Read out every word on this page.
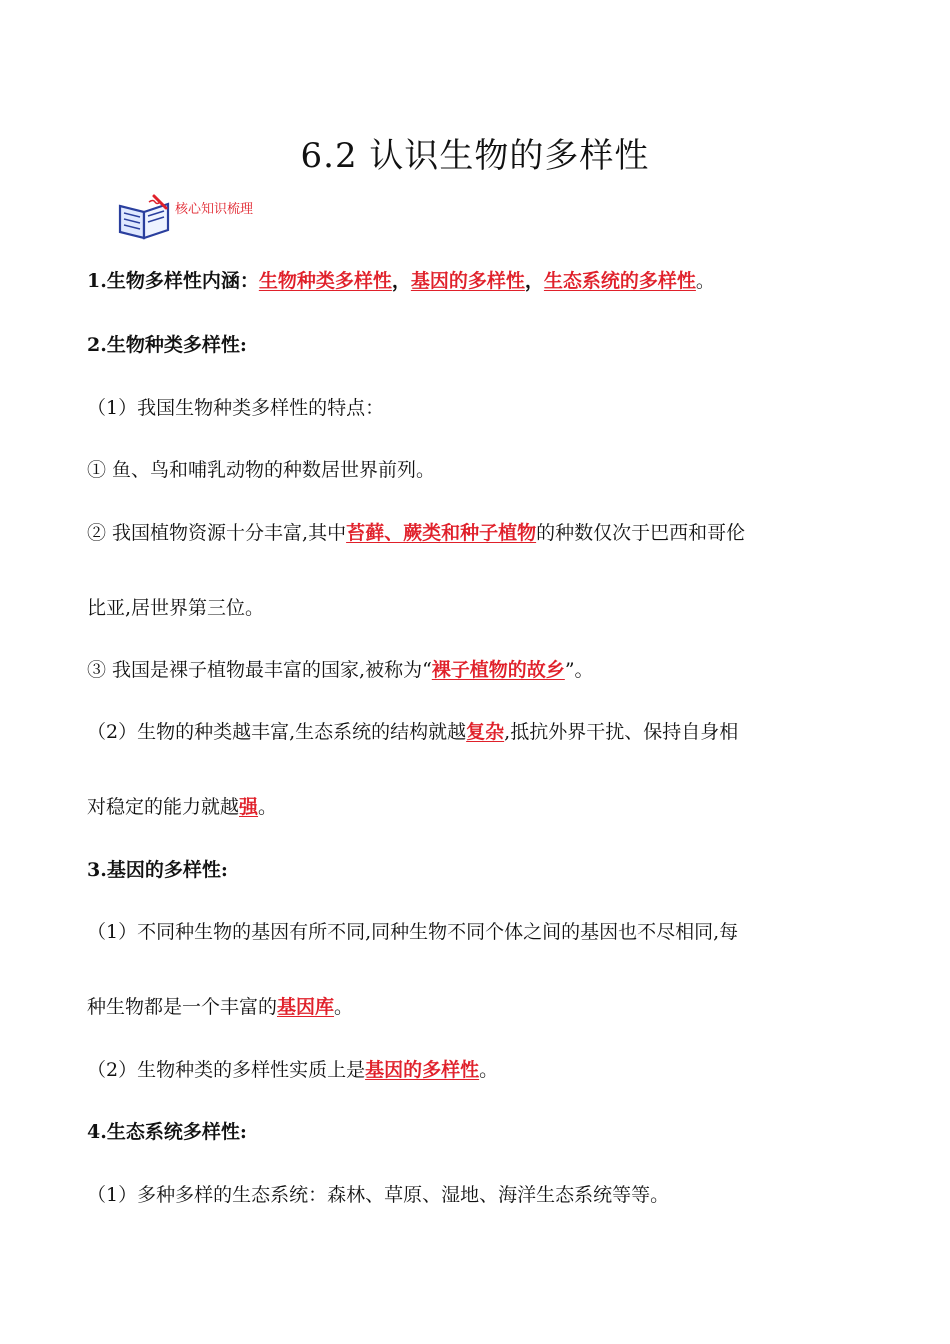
6.2 认识生物的多样性
核心知识梳理
1.生物多样性内涵：生物种类多样性，基因的多样性，生态系统的多样性。
2.生物种类多样性:
（1）我国生物种类多样性的特点：
① 鱼、鸟和哺乳动物的种数居世界前列。
② 我国植物资源十分丰富,其中苔藓、蕨类和种子植物的种数仅次于巴西和哥伦
比亚,居世界第三位。
③ 我国是裸子植物最丰富的国家,被称为“裸子植物的故乡”。
（2）生物的种类越丰富,生态系统的结构就越复杂,抵抗外界干扰、保持自身相
对稳定的能力就越强。
3.基因的多样性:
（1）不同种生物的基因有所不同,同种生物不同个体之间的基因也不尽相同,每
种生物都是一个丰富的基因库。
（2）生物种类的多样性实质上是基因的多样性。
4.生态系统多样性:
（1）多种多样的生态系统：森林、草原、湿地、海洋生态系统等等。
